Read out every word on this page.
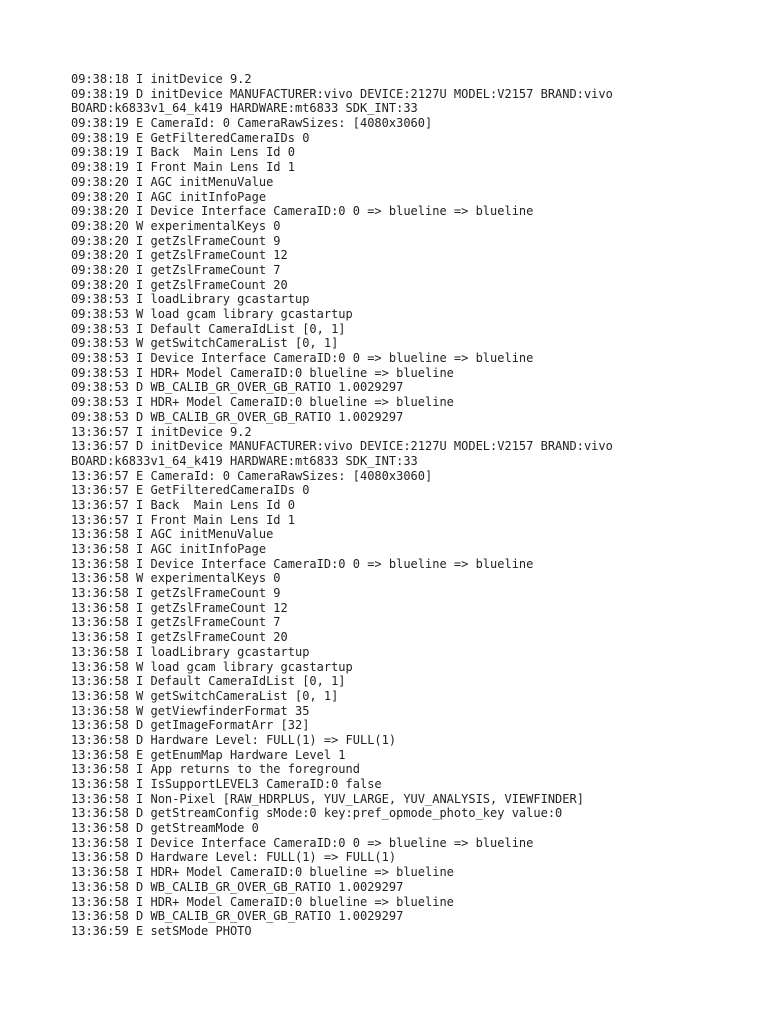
09:38:18 I initDevice 9.2
09:38:19 D initDevice MANUFACTURER:vivo DEVICE:2127U MODEL:V2157 BRAND:vivo
BOARD:k6833v1_64_k419 HARDWARE:mt6833 SDK_INT:33
09:38:19 E CameraId: 0 CameraRawSizes: [4080x3060]
09:38:19 E GetFilteredCameraIDs 0
09:38:19 I Back  Main Lens Id 0
09:38:19 I Front Main Lens Id 1
09:38:20 I AGC initMenuValue
09:38:20 I AGC initInfoPage
09:38:20 I Device Interface CameraID:0 0 => blueline => blueline
09:38:20 W experimentalKeys 0
09:38:20 I getZslFrameCount 9
09:38:20 I getZslFrameCount 12
09:38:20 I getZslFrameCount 7
09:38:20 I getZslFrameCount 20
09:38:53 I loadLibrary gcastartup
09:38:53 W load gcam library gcastartup
09:38:53 I Default CameraIdList [0, 1]
09:38:53 W getSwitchCameraList [0, 1]
09:38:53 I Device Interface CameraID:0 0 => blueline => blueline
09:38:53 I HDR+ Model CameraID:0 blueline => blueline
09:38:53 D WB_CALIB_GR_OVER_GB_RATIO 1.0029297
09:38:53 I HDR+ Model CameraID:0 blueline => blueline
09:38:53 D WB_CALIB_GR_OVER_GB_RATIO 1.0029297
13:36:57 I initDevice 9.2
13:36:57 D initDevice MANUFACTURER:vivo DEVICE:2127U MODEL:V2157 BRAND:vivo
BOARD:k6833v1_64_k419 HARDWARE:mt6833 SDK_INT:33
13:36:57 E CameraId: 0 CameraRawSizes: [4080x3060]
13:36:57 E GetFilteredCameraIDs 0
13:36:57 I Back  Main Lens Id 0
13:36:57 I Front Main Lens Id 1
13:36:58 I AGC initMenuValue
13:36:58 I AGC initInfoPage
13:36:58 I Device Interface CameraID:0 0 => blueline => blueline
13:36:58 W experimentalKeys 0
13:36:58 I getZslFrameCount 9
13:36:58 I getZslFrameCount 12
13:36:58 I getZslFrameCount 7
13:36:58 I getZslFrameCount 20
13:36:58 I loadLibrary gcastartup
13:36:58 W load gcam library gcastartup
13:36:58 I Default CameraIdList [0, 1]
13:36:58 W getSwitchCameraList [0, 1]
13:36:58 W getViewfinderFormat 35
13:36:58 D getImageFormatArr [32]
13:36:58 D Hardware Level: FULL(1) => FULL(1)
13:36:58 E getEnumMap Hardware Level 1
13:36:58 I App returns to the foreground
13:36:58 I IsSupportLEVEL3 CameraID:0 false
13:36:58 I Non-Pixel [RAW_HDRPLUS, YUV_LARGE, YUV_ANALYSIS, VIEWFINDER]
13:36:58 D getStreamConfig sMode:0 key:pref_opmode_photo_key value:0
13:36:58 D getStreamMode 0
13:36:58 I Device Interface CameraID:0 0 => blueline => blueline
13:36:58 D Hardware Level: FULL(1) => FULL(1)
13:36:58 I HDR+ Model CameraID:0 blueline => blueline
13:36:58 D WB_CALIB_GR_OVER_GB_RATIO 1.0029297
13:36:58 I HDR+ Model CameraID:0 blueline => blueline
13:36:58 D WB_CALIB_GR_OVER_GB_RATIO 1.0029297
13:36:59 E setSMode PHOTO
